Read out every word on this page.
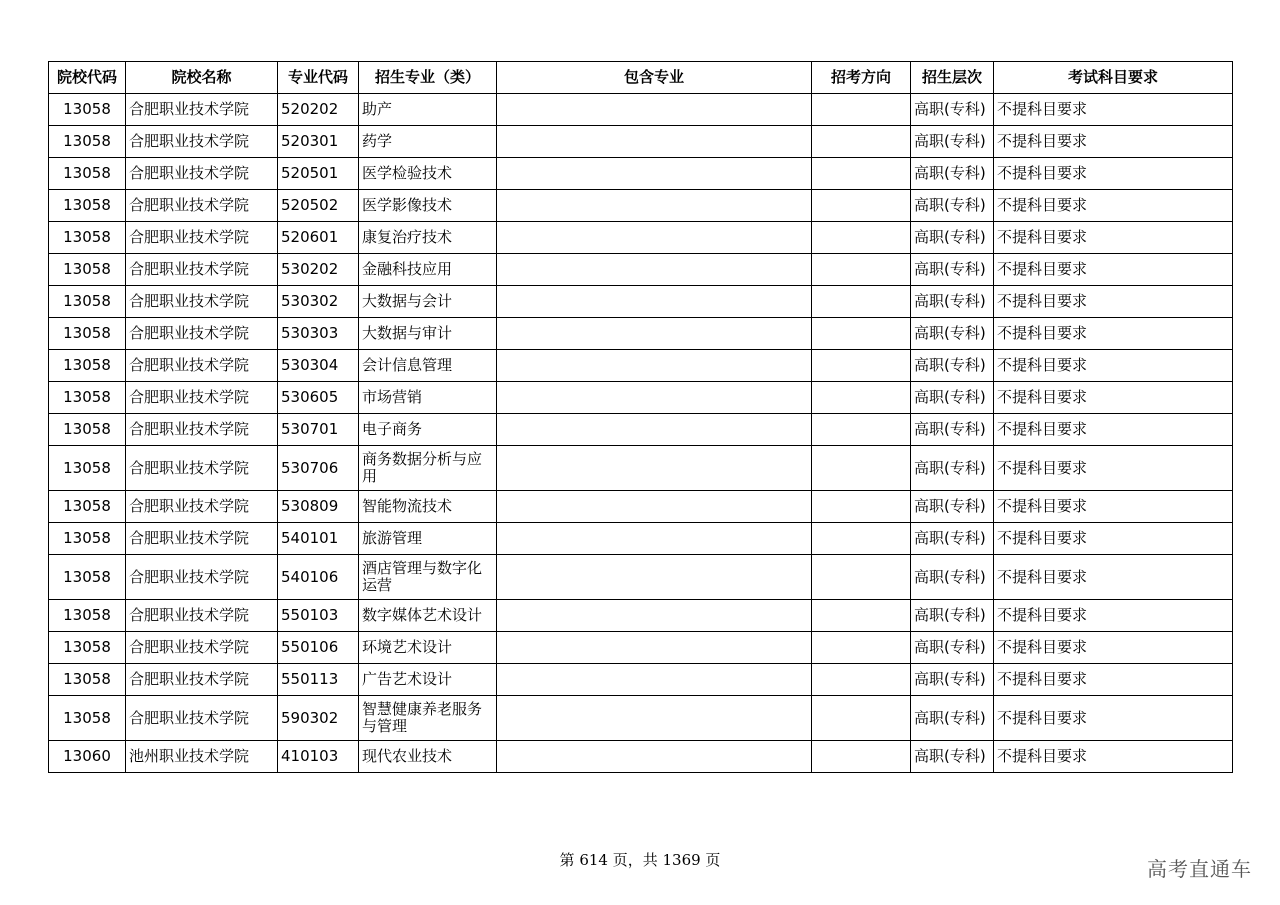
院校代码	院校名称	专业代码	招生专业（类）	包含专业	招考方向	招生层次	考试科目要求
13058	合肥职业技术学院	520202	助产			高职(专科)	不提科目要求
13058	合肥职业技术学院	520301	药学			高职(专科)	不提科目要求
13058	合肥职业技术学院	520501	医学检验技术			高职(专科)	不提科目要求
13058	合肥职业技术学院	520502	医学影像技术			高职(专科)	不提科目要求
13058	合肥职业技术学院	520601	康复治疗技术			高职(专科)	不提科目要求
13058	合肥职业技术学院	530202	金融科技应用			高职(专科)	不提科目要求
13058	合肥职业技术学院	530302	大数据与会计			高职(专科)	不提科目要求
13058	合肥职业技术学院	530303	大数据与审计			高职(专科)	不提科目要求
13058	合肥职业技术学院	530304	会计信息管理			高职(专科)	不提科目要求
13058	合肥职业技术学院	530605	市场营销			高职(专科)	不提科目要求
13058	合肥职业技术学院	530701	电子商务			高职(专科)	不提科目要求
13058	合肥职业技术学院	530706	商务数据分析与应用			高职(专科)	不提科目要求
13058	合肥职业技术学院	530809	智能物流技术			高职(专科)	不提科目要求
13058	合肥职业技术学院	540101	旅游管理			高职(专科)	不提科目要求
13058	合肥职业技术学院	540106	酒店管理与数字化运营			高职(专科)	不提科目要求
13058	合肥职业技术学院	550103	数字媒体艺术设计			高职(专科)	不提科目要求
13058	合肥职业技术学院	550106	环境艺术设计			高职(专科)	不提科目要求
13058	合肥职业技术学院	550113	广告艺术设计			高职(专科)	不提科目要求
13058	合肥职业技术学院	590302	智慧健康养老服务与管理			高职(专科)	不提科目要求
13060	池州职业技术学院	410103	现代农业技术			高职(专科)	不提科目要求
第 614 页，共 1369 页	高考直通车
